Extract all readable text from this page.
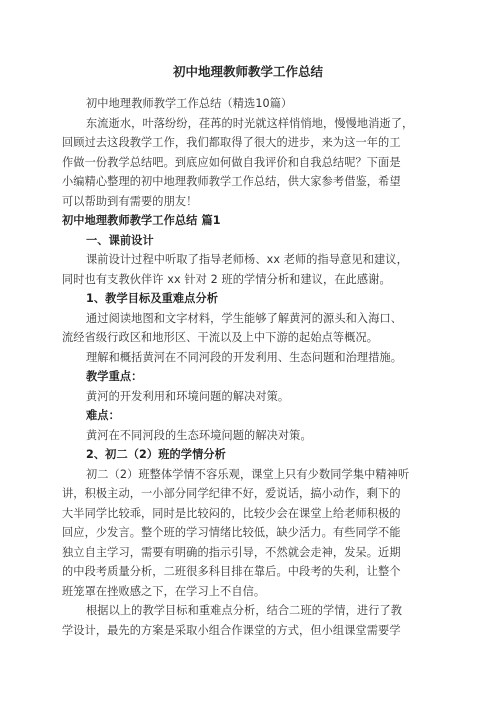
初中地理教师教学工作总结
初中地理教师教学工作总结（精选10篇）
东流逝水，叶落纷纷，荏苒的时光就这样悄悄地，慢慢地消逝了，
回顾过去这段教学工作，我们都取得了很大的进步，来为这一年的工
作做一份教学总结吧。到底应如何做自我评价和自我总结呢？下面是
小编精心整理的初中地理教师教学工作总结，供大家参考借鉴，希望
可以帮助到有需要的朋友！
初中地理教师教学工作总结 篇1
一、课前设计
课前设计过程中听取了指导老师杨、xx 老师的指导意见和建议，
同时也有支教伙伴许 xx 针对 2 班的学情分析和建议，在此感谢。
1、教学目标及重难点分析
通过阅读地图和文字材料，学生能够了解黄河的源头和入海口、
流经省级行政区和地形区、干流以及上中下游的起始点等概况。
理解和概括黄河在不同河段的开发利用、生态问题和治理措施。
教学重点：
黄河的开发利用和环境问题的解决对策。
难点：
黄河在不同河段的生态环境问题的解决对策。
2、初二（2）班的学情分析
初二（2）班整体学情不容乐观，课堂上只有少数同学集中精神听
讲，积极主动，一小部分同学纪律不好，爱说话，搞小动作，剩下的
大半同学比较乖，同时是比较闷的，比较少会在课堂上给老师积极的
回应，少发言。整个班的学习情绪比较低，缺少活力。有些同学不能
独立自主学习，需要有明确的指示引导，不然就会走神，发呆。近期
的中段考质量分析，二班很多科目排在靠后。中段考的失利，让整个
班笼罩在挫败感之下，在学习上不自信。
根据以上的教学目标和重难点分析，结合二班的学情，进行了教
学设计，最先的方案是采取小组合作课堂的方式，但小组课堂需要学
